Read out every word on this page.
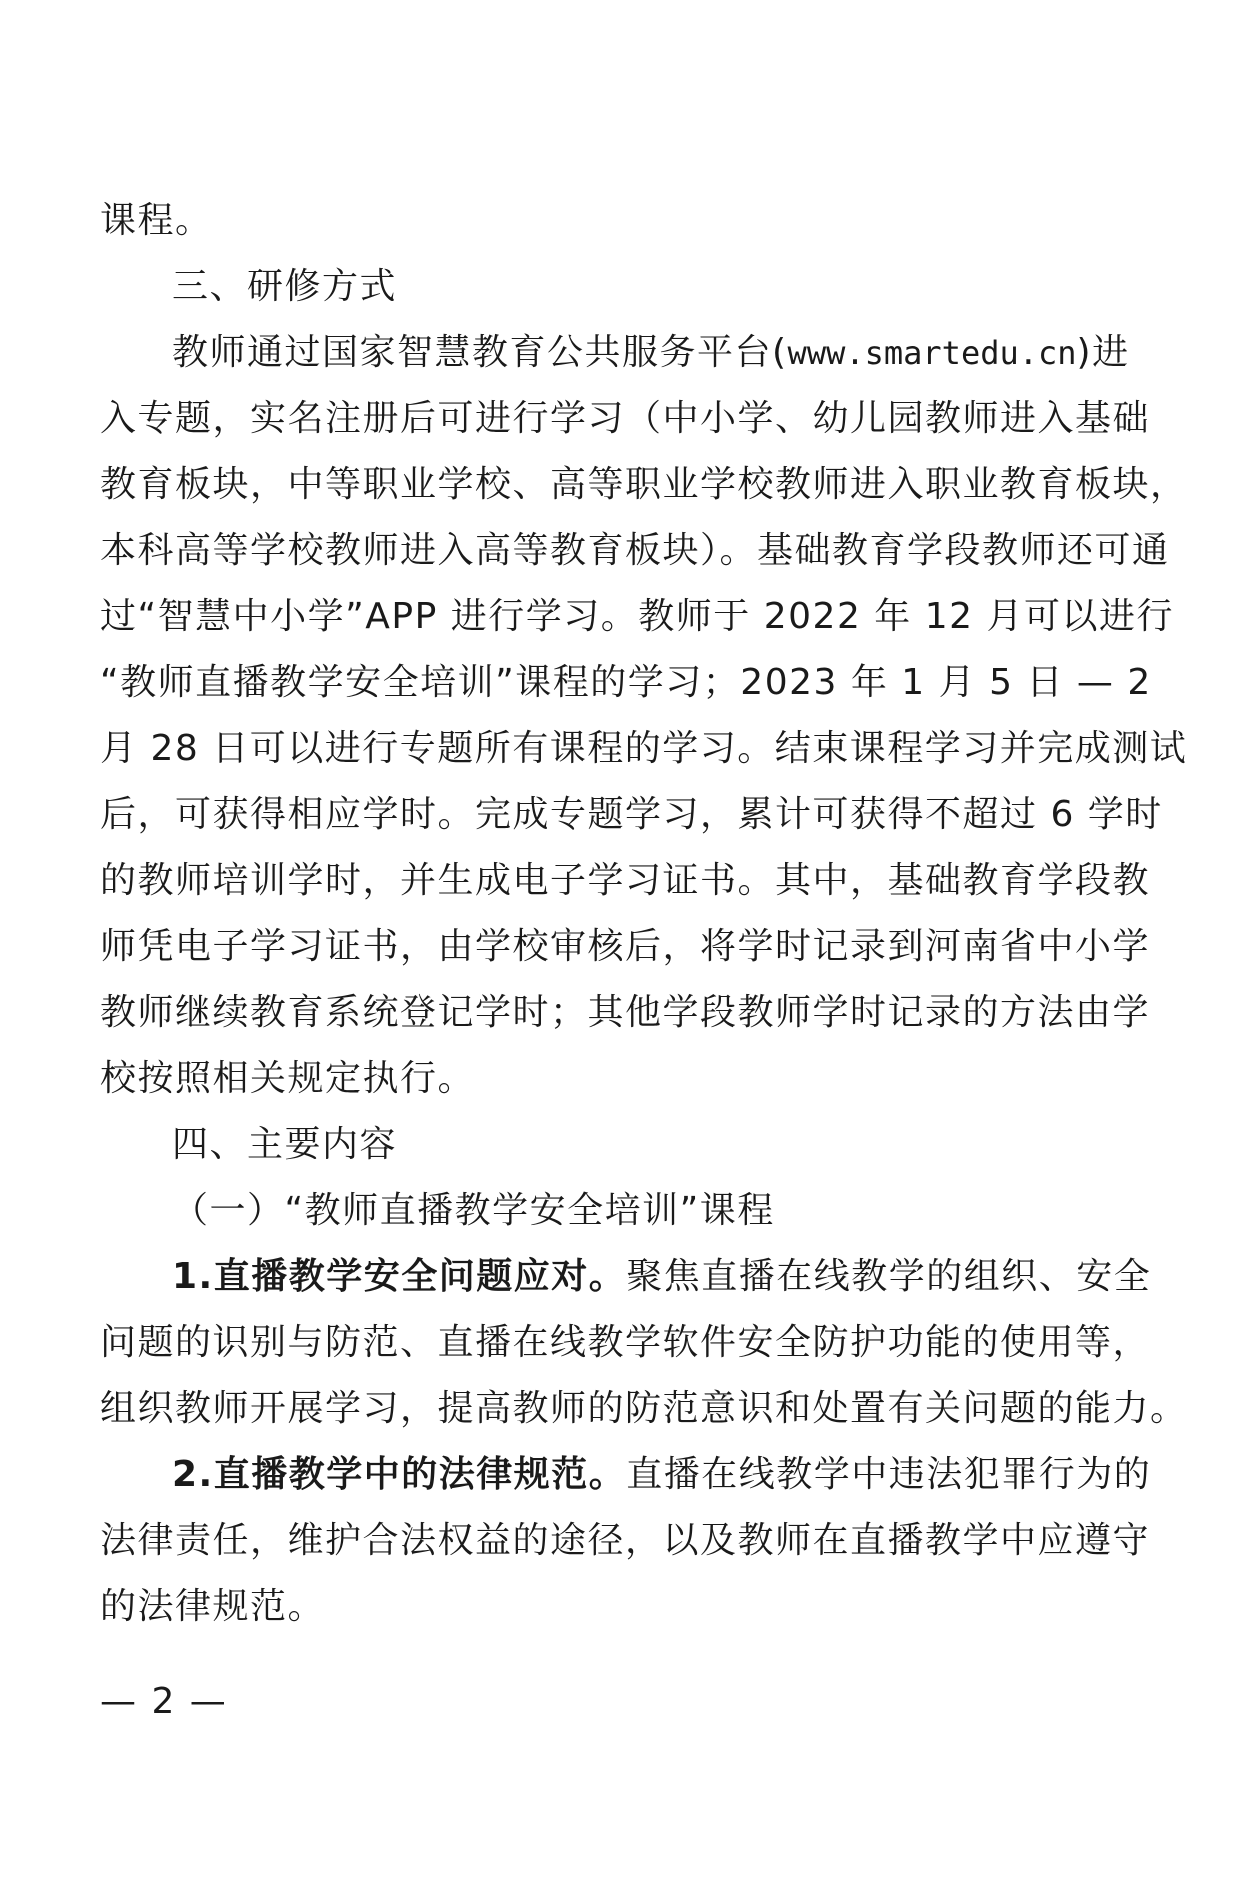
课程。
三、研修方式
教师通过国家智慧教育公共服务平台(www.smartedu.cn)进
入专题，实名注册后可进行学习（中小学、幼儿园教师进入基础
教育板块，中等职业学校、高等职业学校教师进入职业教育板块，
本科高等学校教师进入高等教育板块）。基础教育学段教师还可通
过“智慧中小学”APP 进行学习。教师于 2022 年 12 月可以进行
“教师直播教学安全培训”课程的学习；2023 年 1 月 5 日 — 2
月 28 日可以进行专题所有课程的学习。结束课程学习并完成测试
后，可获得相应学时。完成专题学习，累计可获得不超过 6 学时
的教师培训学时，并生成电子学习证书。其中，基础教育学段教
师凭电子学习证书，由学校审核后，将学时记录到河南省中小学
教师继续教育系统登记学时；其他学段教师学时记录的方法由学
校按照相关规定执行。
四、主要内容
（一）“教师直播教学安全培训”课程
1.直播教学安全问题应对。聚焦直播在线教学的组织、安全
问题的识别与防范、直播在线教学软件安全防护功能的使用等，
组织教师开展学习，提高教师的防范意识和处置有关问题的能力。
2.直播教学中的法律规范。直播在线教学中违法犯罪行为的
法律责任，维护合法权益的途径，以及教师在直播教学中应遵守
的法律规范。
— 2 —
